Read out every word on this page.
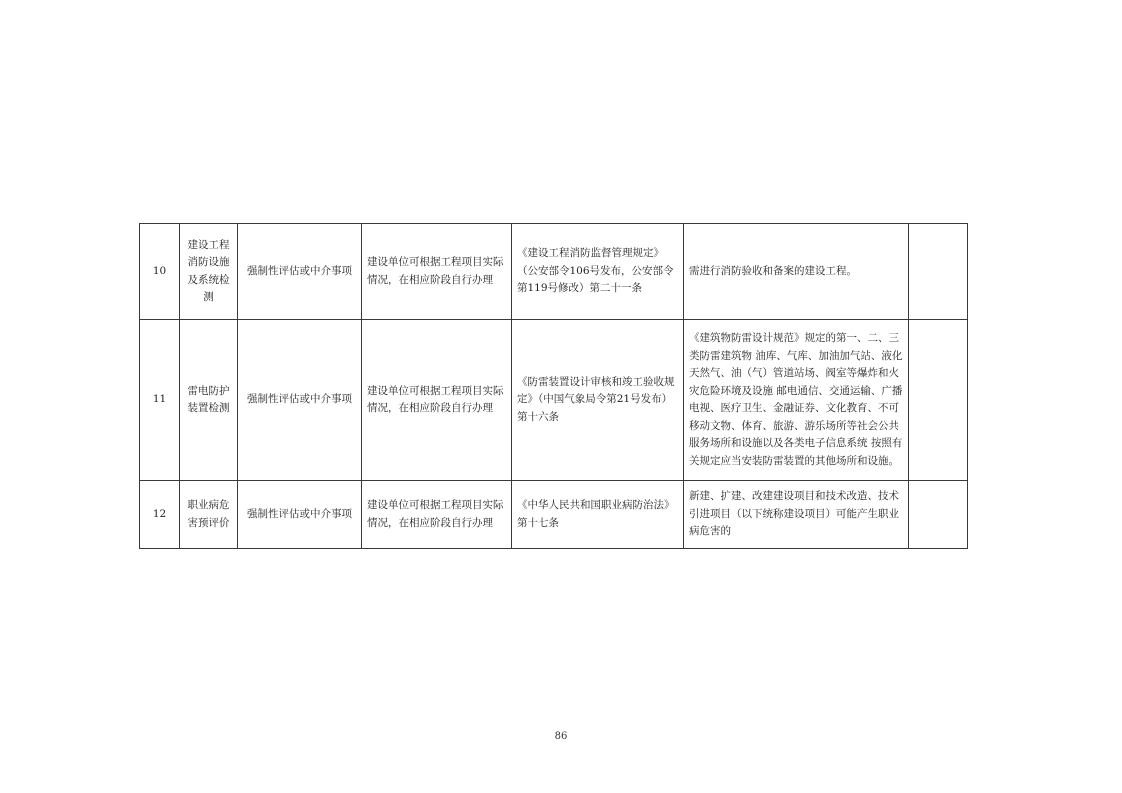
10	建设工程消防设施及系统检测	强制性评估或中介事项	建设单位可根据工程项目实际情况，在相应阶段自行办理	《建设工程消防监督管理规定》（公安部令106号发布，公安部令第119号修改）第二十一条	需进行消防验收和备案的建设工程。	
11	雷电防护装置检测	强制性评估或中介事项	建设单位可根据工程项目实际情况，在相应阶段自行办理	《防雷装置设计审核和竣工验收规定》（中国气象局令第21号发布）第十六条	《建筑物防雷设计规范》规定的第一、二、三类防雷建筑物 油库、气库、加油加气站、液化天然气、油（气）管道站场、阀室等爆炸和火灾危险环境及设施 邮电通信、交通运输、广播电视、医疗卫生、金融证券、文化教育、不可移动文物、体育、旅游、游乐场所等社会公共服务场所和设施以及各类电子信息系统 按照有关规定应当安装防雷装置的其他场所和设施。	
12	职业病危害预评价	强制性评估或中介事项	建设单位可根据工程项目实际情况，在相应阶段自行办理	《中华人民共和国职业病防治法》第十七条	新建、扩建、改建建设项目和技术改造、技术引进项目（以下统称建设项目）可能产生职业病危害的	
86
